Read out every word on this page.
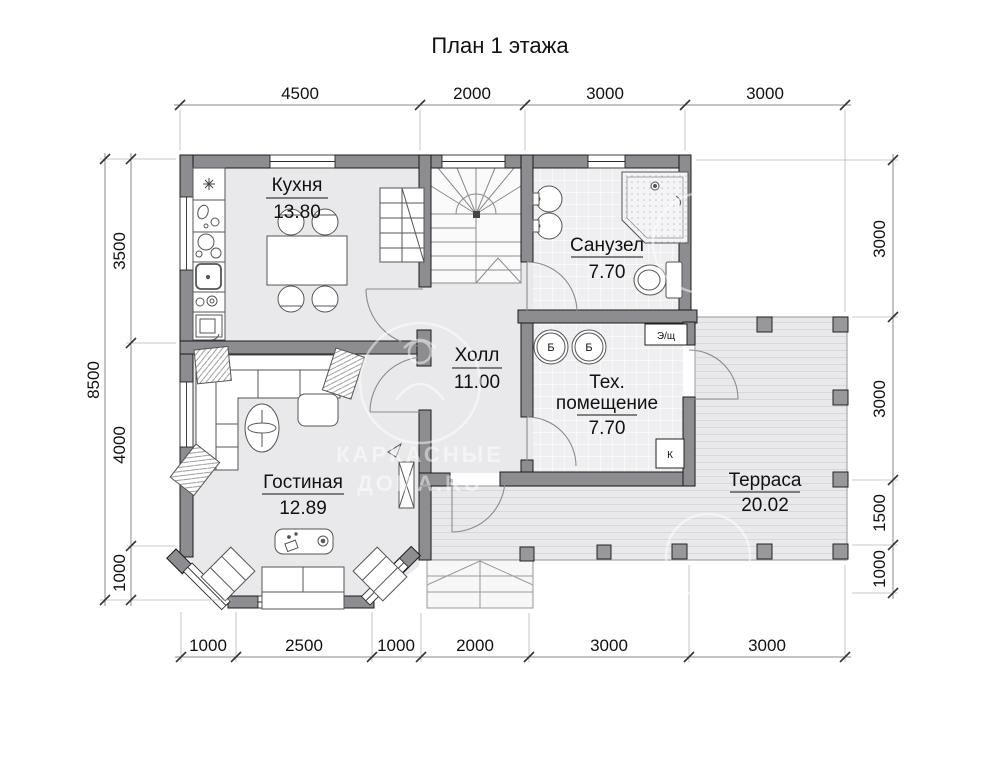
Б	Б
Э/щ
К
Кухня
13.80
Санузел
7.70
Холл
11.00	Тех.
помещение
7.70
Гостиная
12.89
Терраса
20.02
4500	2000	3000	3000
1000	2500	1000 2000	3000	3000
8500
3500
4000
1000
3000
3000
1500
1000
КАРКАСНЫЕ
ДОМА.RU
План 1 этажа
